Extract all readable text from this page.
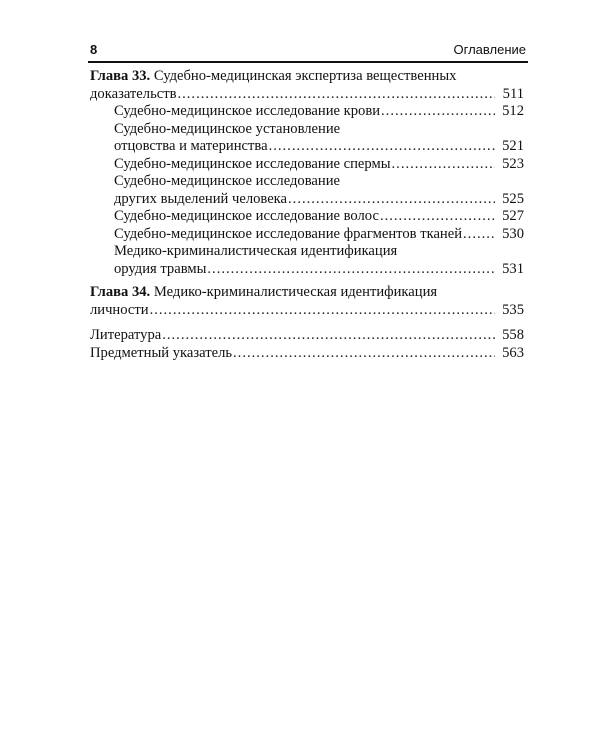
8	Оглавление
Глава 33. Судебно-медицинская экспертиза вещественных
доказательств .....	511
Судебно-медицинское исследование крови .....	512
Судебно-медицинское установление
отцовства и материнства .....	521
Судебно-медицинское исследование спермы .....	523
Судебно-медицинское исследование
других выделений человека .....	525
Судебно-медицинское исследование волос .....	527
Судебно-медицинское исследование фрагментов тканей .....	530
Медико-криминалистическая идентификация
орудия травмы .....	531
Глава 34. Медико-криминалистическая идентификация
личности .....	535
Литература .....	558
Предметный указатель .....	563
